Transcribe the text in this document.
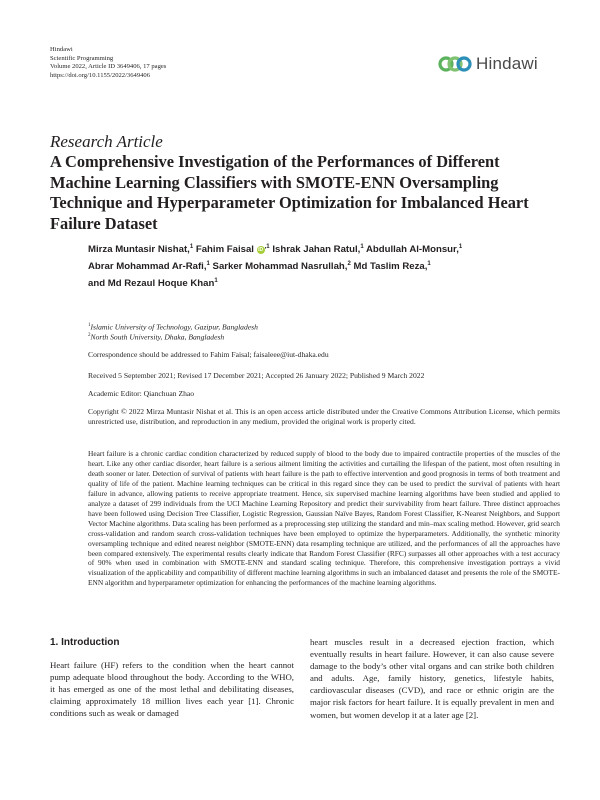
Hindawi
Scientific Programming
Volume 2022, Article ID 3649406, 17 pages
https://doi.org/10.1155/2022/3649406
Hindawi
Research Article
A Comprehensive Investigation of the Performances of Different Machine Learning Classifiers with SMOTE-ENN Oversampling Technique and Hyperparameter Optimization for Imbalanced Heart Failure Dataset
Mirza Muntasir Nishat,$^1$ Fahim Faisal iD $^{,1}$ Ishrak Jahan Ratul,$^1$ Abdullah Al-Monsur,$^1$
Abrar Mohammad Ar-Rafi,$^1$ Sarker Mohammad Nasrullah,$^2$ Md Taslim Reza,$^1$
and Md Rezaul Hoque Khan$^1$
$^1$Islamic University of Technology, Gazipur, Bangladesh
$^2$North South University, Dhaka, Bangladesh
Correspondence should be addressed to Fahim Faisal; faisaleee@iut-dhaka.edu
Received 5 September 2021; Revised 17 December 2021; Accepted 26 January 2022; Published 9 March 2022
Academic Editor: Qianchuan Zhao
Copyright © 2022 Mirza Muntasir Nishat et al. This is an open access article distributed under the Creative Commons Attribution License, which permits unrestricted use, distribution, and reproduction in any medium, provided the original work is properly cited.
Heart failure is a chronic cardiac condition characterized by reduced supply of blood to the body due to impaired contractile properties of the muscles of the heart. Like any other cardiac disorder, heart failure is a serious ailment limiting the activities and curtailing the lifespan of the patient, most often resulting in death sooner or later. Detection of survival of patients with heart failure is the path to effective intervention and good prognosis in terms of both treatment and quality of life of the patient. Machine learning techniques can be critical in this regard since they can be used to predict the survival of patients with heart failure in advance, allowing patients to receive appropriate treatment. Hence, six supervised machine learning algorithms have been studied and applied to analyze a dataset of 299 individuals from the UCI Machine Learning Repository and predict their survivability from heart failure. Three distinct approaches have been followed using Decision Tree Classifier, Logistic Regression, Gaussian Naïve Bayes, Random Forest Classifier, K-Nearest Neighbors, and Support Vector Machine algorithms. Data scaling has been performed as a preprocessing step utilizing the standard and min–max scaling method. However, grid search cross-validation and random search cross-validation techniques have been employed to optimize the hyperparameters. Additionally, the synthetic minority oversampling technique and edited nearest neighbor (SMOTE-ENN) data resampling technique are utilized, and the performances of all the approaches have been compared extensively. The experimental results clearly indicate that Random Forest Classifier (RFC) surpasses all other approaches with a test accuracy of 90% when used in combination with SMOTE-ENN and standard scaling technique. Therefore, this comprehensive investigation portrays a vivid visualization of the applicability and compatibility of different machine learning algorithms in such an imbalanced dataset and presents the role of the SMOTE-ENN algorithm and hyperparameter optimization for enhancing the performances of the machine learning algorithms.
1. Introduction
Heart failure (HF) refers to the condition when the heart cannot pump adequate blood throughout the body. According to the WHO, it has emerged as one of the most lethal and debilitating diseases, claiming approximately 18 million lives each year [1]. Chronic conditions such as weak or damaged
heart muscles result in a decreased ejection fraction, which eventually results in heart failure. However, it can also cause severe damage to the body’s other vital organs and can strike both children and adults. Age, family history, genetics, lifestyle habits, cardiovascular diseases (CVD), and race or ethnic origin are the major risk factors for heart failure. It is equally prevalent in men and women, but women develop it at a later age [2].
